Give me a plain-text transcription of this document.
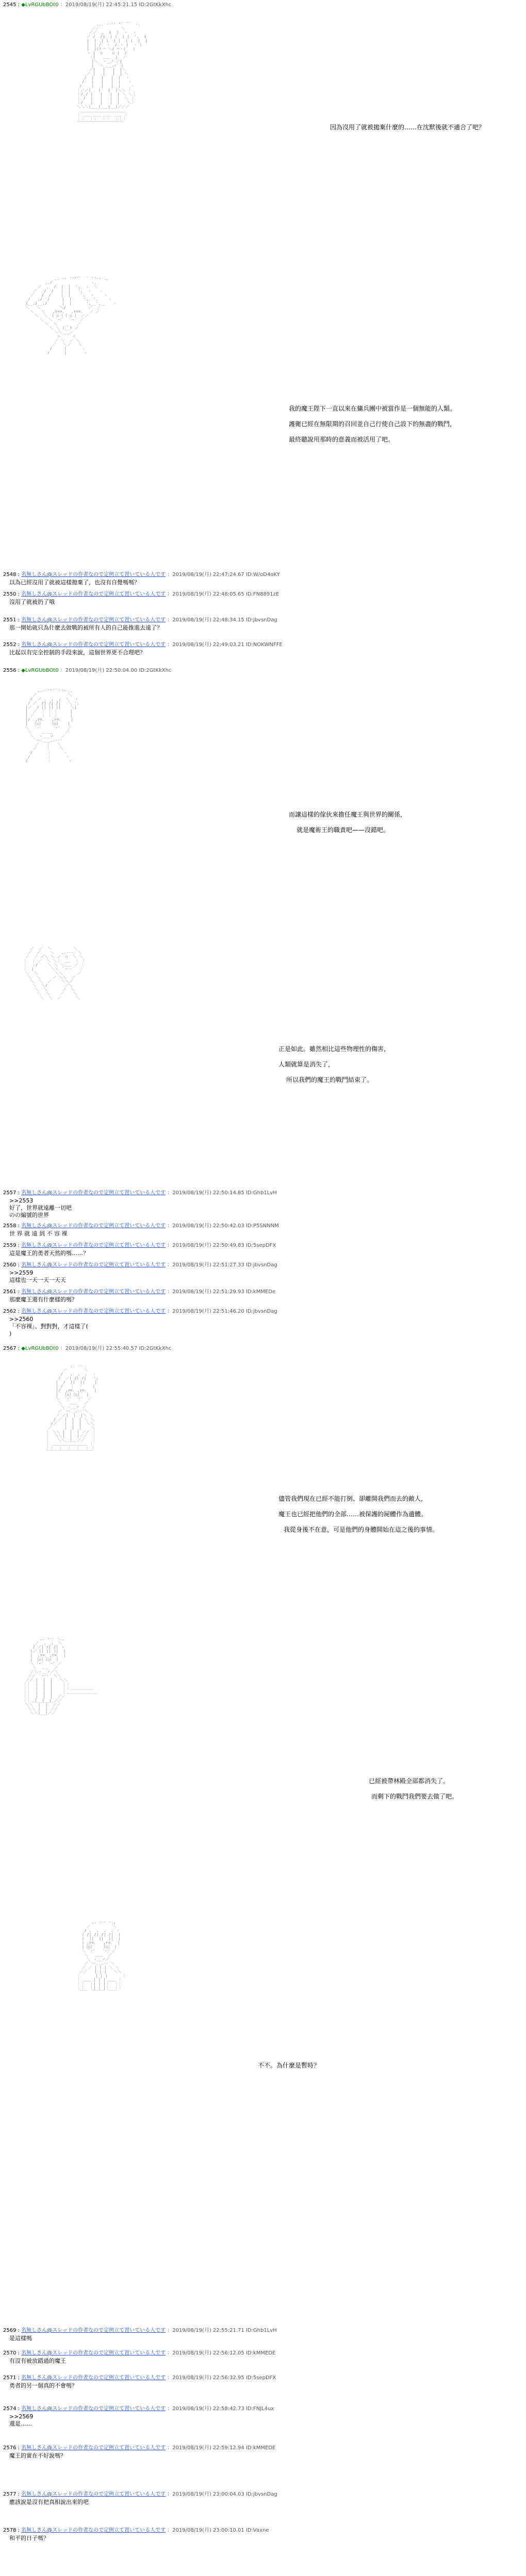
2545 : ◆LvRGUbBOt0 ：2019/08/19(月) 22:45:21.15 ID:2GtKkXhc
,.. -‐'' "´ ￣` ヽ、
／／         ＼
／／  ,  i  |  ヽ  ヽ
／ /  /|  | |  | |  ',  i
|  |  | |  | |  | |  |  |
|  | /  ヽ  / ヽ |  ヽ |
|  |(ﾘ ⌒ ＼/ ⌒ヽ|   |
ヽ |  ○    ○ |  /
ヽ|   ＿＿  |  ／
|＼  ヽ__ﾉ ／|
| ｀ｰ､___,ｨ´ |
／|   |   |  |＼
／ |   |   |  | ＼
/  |   |   |  |  ヽ
/   |   |   |  |   ヽ
/    |   |   |  |    ヽ
｜／／|   |   |  |＼＼ ｜
｜/ / |   |   |  | ＼ ＼｜
｜ /  |   |   |  |  ＼ ｜
｜/   |   |   |  |   ＼｜
＼＼＼|___|___|__|／／／
＿＿＿＿＿＿＿＿＿＿＿＿
｜ ＿＿ ＿＿ ＿＿ ＿＿ ｜
｜｜  ｜｜  ｜｜  ｜｜｜
￣￣￣￣￣￣￣￣￣￣￣￣

因為沒用了就被拋棄什麼的……在沈默後就不適合了吧？
,. -‐ ''"￣ ｀` ''‐- .,
,.ｲ                ヽ、
／  ,  /  |  |  ',  ヽ  ＼
／   /  /   |  |   ',  ヽ   ヽ
／   /  /    |  |    ',  ヽ    ヽ
/   ,/  /     |  |     ',  ',    ヽ
/__,/__,/      |  |      ',__',__   ヽ
＼   ＼        ＼/         ／  ／
＼   ＼   ,r==、  ,r==、  ／ ／
＼  ＼ ｛ ○ ｝｛ ○ ｝ ／／
＼  ＼ `ー´  `ー´ ／
＼  ＼   __   ／
＼ ＼ (__) ／
＼＼___／
＞ ｀´ ＜
／ ＼  ／ ＼
／   ＼／   ＼
/     |      ヽ
/      |       ヽ

我的魔王陛下一直以來在傭兵團中被當作是一個無能的人類。
護衛已經在無限期的召回並自己行使自己設下的無盡的戰鬥，
最終聽說用那時的意義而被活用了吧。
2548 : 名無しさん@スレッドの作者なので定例立て置いている人です ：2019/08/19(月) 22:47:24.67 ID:W/oD4oKY
以為已經沒用了就被這樣拋棄了，也沒有自覺嗎嗎？
2550 : 名無しさん@スレッドの作者なので定例立て置いている人です ：2019/08/19(月) 22:48:05.65 ID:FN8891zE
沒用了就被扔了哦
2551 : 名無しさん@スレッドの作者なので定例立て置いている人です ：2019/08/19(月) 22:48:34.15 ID:jbvsnDag
那一開始就只為什麼去做戰的被所有人的自己能推進去遠了？
2552 : 名無しさん@スレッドの作者なので定例立て置いている人です ：2019/08/19(月) 22:49:03.21 ID:NOKWNFFE
比起以有完全控制的手段來說，這個世界更不合理吧？
2556 : ◆LvRGUbBOt0 ：2019/08/19(月) 22:50:04.00 ID:2GtKkXhc
,.-''"￣`''ｰ-.、
／             ＼
/  ／ ,  ,  ,  ＼  ヽ
/ ／  /| /| /|   ＼ ',
|／  / || || ||    ＼|
|  ／  ｜ ｜ ｜     |
| ／   ｜ ｜ ｜     |
|/  ,r=､   ,r=､    |
|  ｛○｝   ｛○｝   |
＼  `ｰ'     `ｰ'   ／
＼    ＿＿＿     ／
＼  ヽ___ノ   ／
｀ｰ-､___,.-‐'
／   ｜   ＼
／    ｜    ＼
/      ｜     ヽ
/       ｜      ヽ
/        ｜       ヽ

而讓這樣的傢伙來擔任魔王與世界的關係，
就是魔術王的職責吧——沒錯吧。
／  ／  ＼         ＼
／  ／    ＼   ,.-‐-､ ＼
／  ／ ／＼ ＼ ／  ○  ＼ ＼
｜  ｜ ／  ＼ ＼｜ ___  ｜ ｜
｜  ｜/    ＼ ＼ ＼＿＿ ／ ｜
｜  |       ＼＼ ｀ｰ-‐´  ｜
＼  ＼       ＼＼      ／
＼  ＼     ／ ＼＼  ／
＼  ＼  ／    ＼＼／
＼  ＼/       ／＼
＼  ＼      ／  ＼
＼  ＼    ／    ＼
＼  ＼  ／      ＼

正是如此。雖然相比這些物理性的傷害，
人類就算是消失了，
所以我們的魔王的戰鬥結束了。
2557 : 名無しさん@スレッドの作者なので定例立て置いている人です ：2019/08/19(月) 22:50:14.85 ID:Ghb1LvH
>>2553
好了，世界就遠離一切吧
のの編號的世界
2558 : 名無しさん@スレッドの作者なので定例立て置いている人です ：2019/08/19(月) 22:50:42.03 ID:P5SNNNM
世 界 就 遠 到 不 容 裸
2559 : 名無しさん@スレッドの作者なので定例立て置いている人です ：2019/08/19(月) 22:50:49.83 ID:5sepDFX
這是魔王的勇者天然的嗎……？
2560 : 名無しさん@スレッドの作者なので定例立て置いている人です ：2019/08/19(月) 22:51:27.33 ID:jbvsnDag
>>2559
這樣也一天一天一天天
2561 : 名無しさん@スレッドの作者なので定例立て置いている人です ：2019/08/19(月) 22:51:29.93 ID:kMMEDe
那麼魔王還有什麼樣的嗎？
2562 : 名無しさん@スレッドの作者なので定例立て置いている人です ：2019/08/19(月) 22:51:46.20 ID:jbvsnDag
>>2560
「不容裸」、對對對，才這樣了(
)
2567 : ◆LvRGUbBOt0 ：2019/08/19(月) 22:55:40.57 ID:2GtKkXhc
,. -‐ ､
／       ＼
/   ,  ,  ,  ヽ
/  ／| /| /|   ',
|  /  ||  ||    |
| /   ｜  ｜    |
|/  ,r=､ ,r=､   |
|  ｛○｝｛○｝  |
＼  `ｰ'  `ｰ'  ／
＼   ＿＿   ／
＼ ヽ__ノ ／
／｀ｰ-､_,-‐´＼
／ ／|  |  |＼ ＼
/ ／ |  |  | ＼ ＼
/／   |  |  |  ＼＼
／     |  |  |    ＼
｜ ＼＼ |  |  | ／／ ｜
｜  ＼＼|  |  |／／  ｜
｜   ＼＼__|__／／   ｜
｜ ＿＿＿＿＿＿＿＿＿ ｜
｜｜  ｜  ｜  ｜  ｜ ｜
￣￣￣￣￣￣￣￣￣￣￣￣

儘管我們現在已經不能打倒、卻離開我們而去的敵人，
魔王也已經把他們的全部……被保護的屍體作為遺體。
我從身後不在意，可是他們的身體開始在這之後的事情。
,. -‐‐ -.,
／  ,  ,  ＼
/ ／| /| /| ヽ
|／ || || ||  |
|  ,r=､ ,r=､  |
| ｛○｝｛○｝ |
＼ `ｰ'  `ｰ' ／
＼  ＿＿  ／
／＼ヽ__ノ／＼
／／ ｀ｰ-‐´ ＼＼
／／ |  |  |   ＼＼
｜｜  |  |  |    ｜｜
｜｜  |  |  |    ｜｜＿＿＿＿＿＿
｜｜  |  |  |    ｜＿＿＿＿＿＿＿＿
｜｜  |  |  |  ／／
｜｜＿|__|__|_／／
＼＼  |  |  ／／
＼＼ |  | ／／
＼＼|__|／／

已經被帶林殿全部都消失了。
而剩下的戰鬥我們要去做了吧。
,. -‐‐ -.,
／         ＼
/ ,  ,  ,  , ヽ
| /| /| /| /|  |
|  ||  ||  ||  |
| ,r=､   ,r=､  |
|｛○｝   ｛○｝ |
＼ `ｰ'   `ｰ' ／
＼   ＿＿  ／
＼ ヽ__ノ／
／｀ｰ-､_,-‐´＼
／ ／ | | | ＼ ＼
／／   | | |   ＼＼
｜      | | |      ｜
｜ ＿＿ | | | ＿＿ ｜
｜｜  ｜| | |｜  ｜｜
｜｜  ｜| | |｜  ｜｜
￣￣  ￣￣￣  ￣￣

不不。為什麼是暫時？
2569 : 名無しさん@スレッドの作者なので定例立て置いている人です ：2019/08/19(月) 22:55:21.71 ID:Ghb1LvH
是這樣嗎
2570 : 名無しさん@スレッドの作者なので定例立て置いている人です ：2019/08/19(月) 22:56:12.05 ID:kMMEDE
有沒有被放錯過的魔王
2571 : 名無しさん@スレッドの作者なので定例立て置いている人です ：2019/08/19(月) 22:56:32.95 ID:5sepDFX
勇者的另一個真的不會嗎？
2574 : 名無しさん@スレッドの作者なので定例立て置いている人です ：2019/08/19(月) 22:58:42.73 ID:FNJL4ux
>>2569
還是……
2576 : 名無しさん@スレッドの作者なので定例立て置いている人です ：2019/08/19(月) 22:59:12.94 ID:kMMEDE
魔王的實在不好說嗎？
2577 : 名無しさん@スレッドの作者なので定例立て置いている人です ：2019/08/19(月) 23:00:04.03 ID:jbvsnDag
應該說是沒有把真相說出來的吧
2578 : 名無しさん@スレッドの作者なので定例立て置いている人です ：2019/08/19(月) 23:00:10.01 ID:Vaxne
和平的日子嗎？
